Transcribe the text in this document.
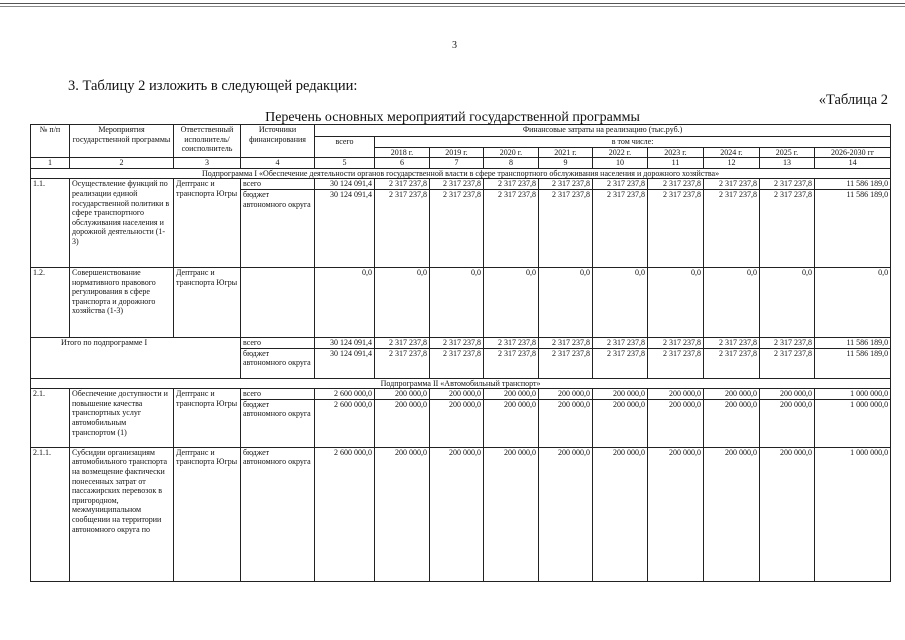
3
3. Таблицу 2 изложить в следующей редакции:
«Таблица 2
Перечень основных мероприятий государственной программы
№ п/п	Мероприятия государственной программы	Ответственный исполнитель/ соисполнитель	Источники финансирования	Финансовые затраты на реализацию (тыс.руб.)									
				всего	в том числе:								
					2018 г.	2019 г.	2020 г.	2021 г.	2022 г.	2023 г.	2024 г.	2025 г.	2026-2030 гг
1	2	3	4	5	6	7	8	9	10	11	12	13	14
Подпрограмма I «Обеспечение деятельности органов государственной власти в сфере транспортного обслуживания населения и дорожного хозяйства»													
1.1.	Осуществление функций по реализации единой государственной политики в сфере транспортного обслуживания населения и дорожной деятельности (1-3)	Дептранс и транспорта Югры	всего	30 124 091,4	2 317 237,8	2 317 237,8	2 317 237,8	2 317 237,8	2 317 237,8	2 317 237,8	2 317 237,8	2 317 237,8	11 586 189,0
			бюджет автономного округа	30 124 091,4	2 317 237,8	2 317 237,8	2 317 237,8	2 317 237,8	2 317 237,8	2 317 237,8	2 317 237,8	2 317 237,8	11 586 189,0
1.2.	Совершенствование нормативного правового регулирования в сфере транспорта и дорожного хозяйства (1-3)	Дептранс и транспорта Югры		0,0	0,0	0,0	0,0	0,0	0,0	0,0	0,0	0,0	0,0
Итого по подпрограмме I			всего	30 124 091,4	2 317 237,8	2 317 237,8	2 317 237,8	2 317 237,8	2 317 237,8	2 317 237,8	2 317 237,8	2 317 237,8	11 586 189,0
			бюджет автономного округа	30 124 091,4	2 317 237,8	2 317 237,8	2 317 237,8	2 317 237,8	2 317 237,8	2 317 237,8	2 317 237,8	2 317 237,8	11 586 189,0
Подпрограмма II «Автомобильный транспорт»													
2.1.	Обеспечение доступности и повышение качества транспортных услуг автомобильным транспортом (1)	Дептранс и транспорта Югры	всего	2 600 000,0	200 000,0	200 000,0	200 000,0	200 000,0	200 000,0	200 000,0	200 000,0	200 000,0	1 000 000,0
			бюджет автономного округа	2 600 000,0	200 000,0	200 000,0	200 000,0	200 000,0	200 000,0	200 000,0	200 000,0	200 000,0	1 000 000,0
2.1.1.	Субсидии организациям автомобильного транспорта на возмещение фактически понесенных затрат от пассажирских перевозок в пригородном, межмуниципальном сообщении на территории автономного округа по	Дептранс и транспорта Югры	бюджет автономного округа	2 600 000,0	200 000,0	200 000,0	200 000,0	200 000,0	200 000,0	200 000,0	200 000,0	200 000,0	1 000 000,0
